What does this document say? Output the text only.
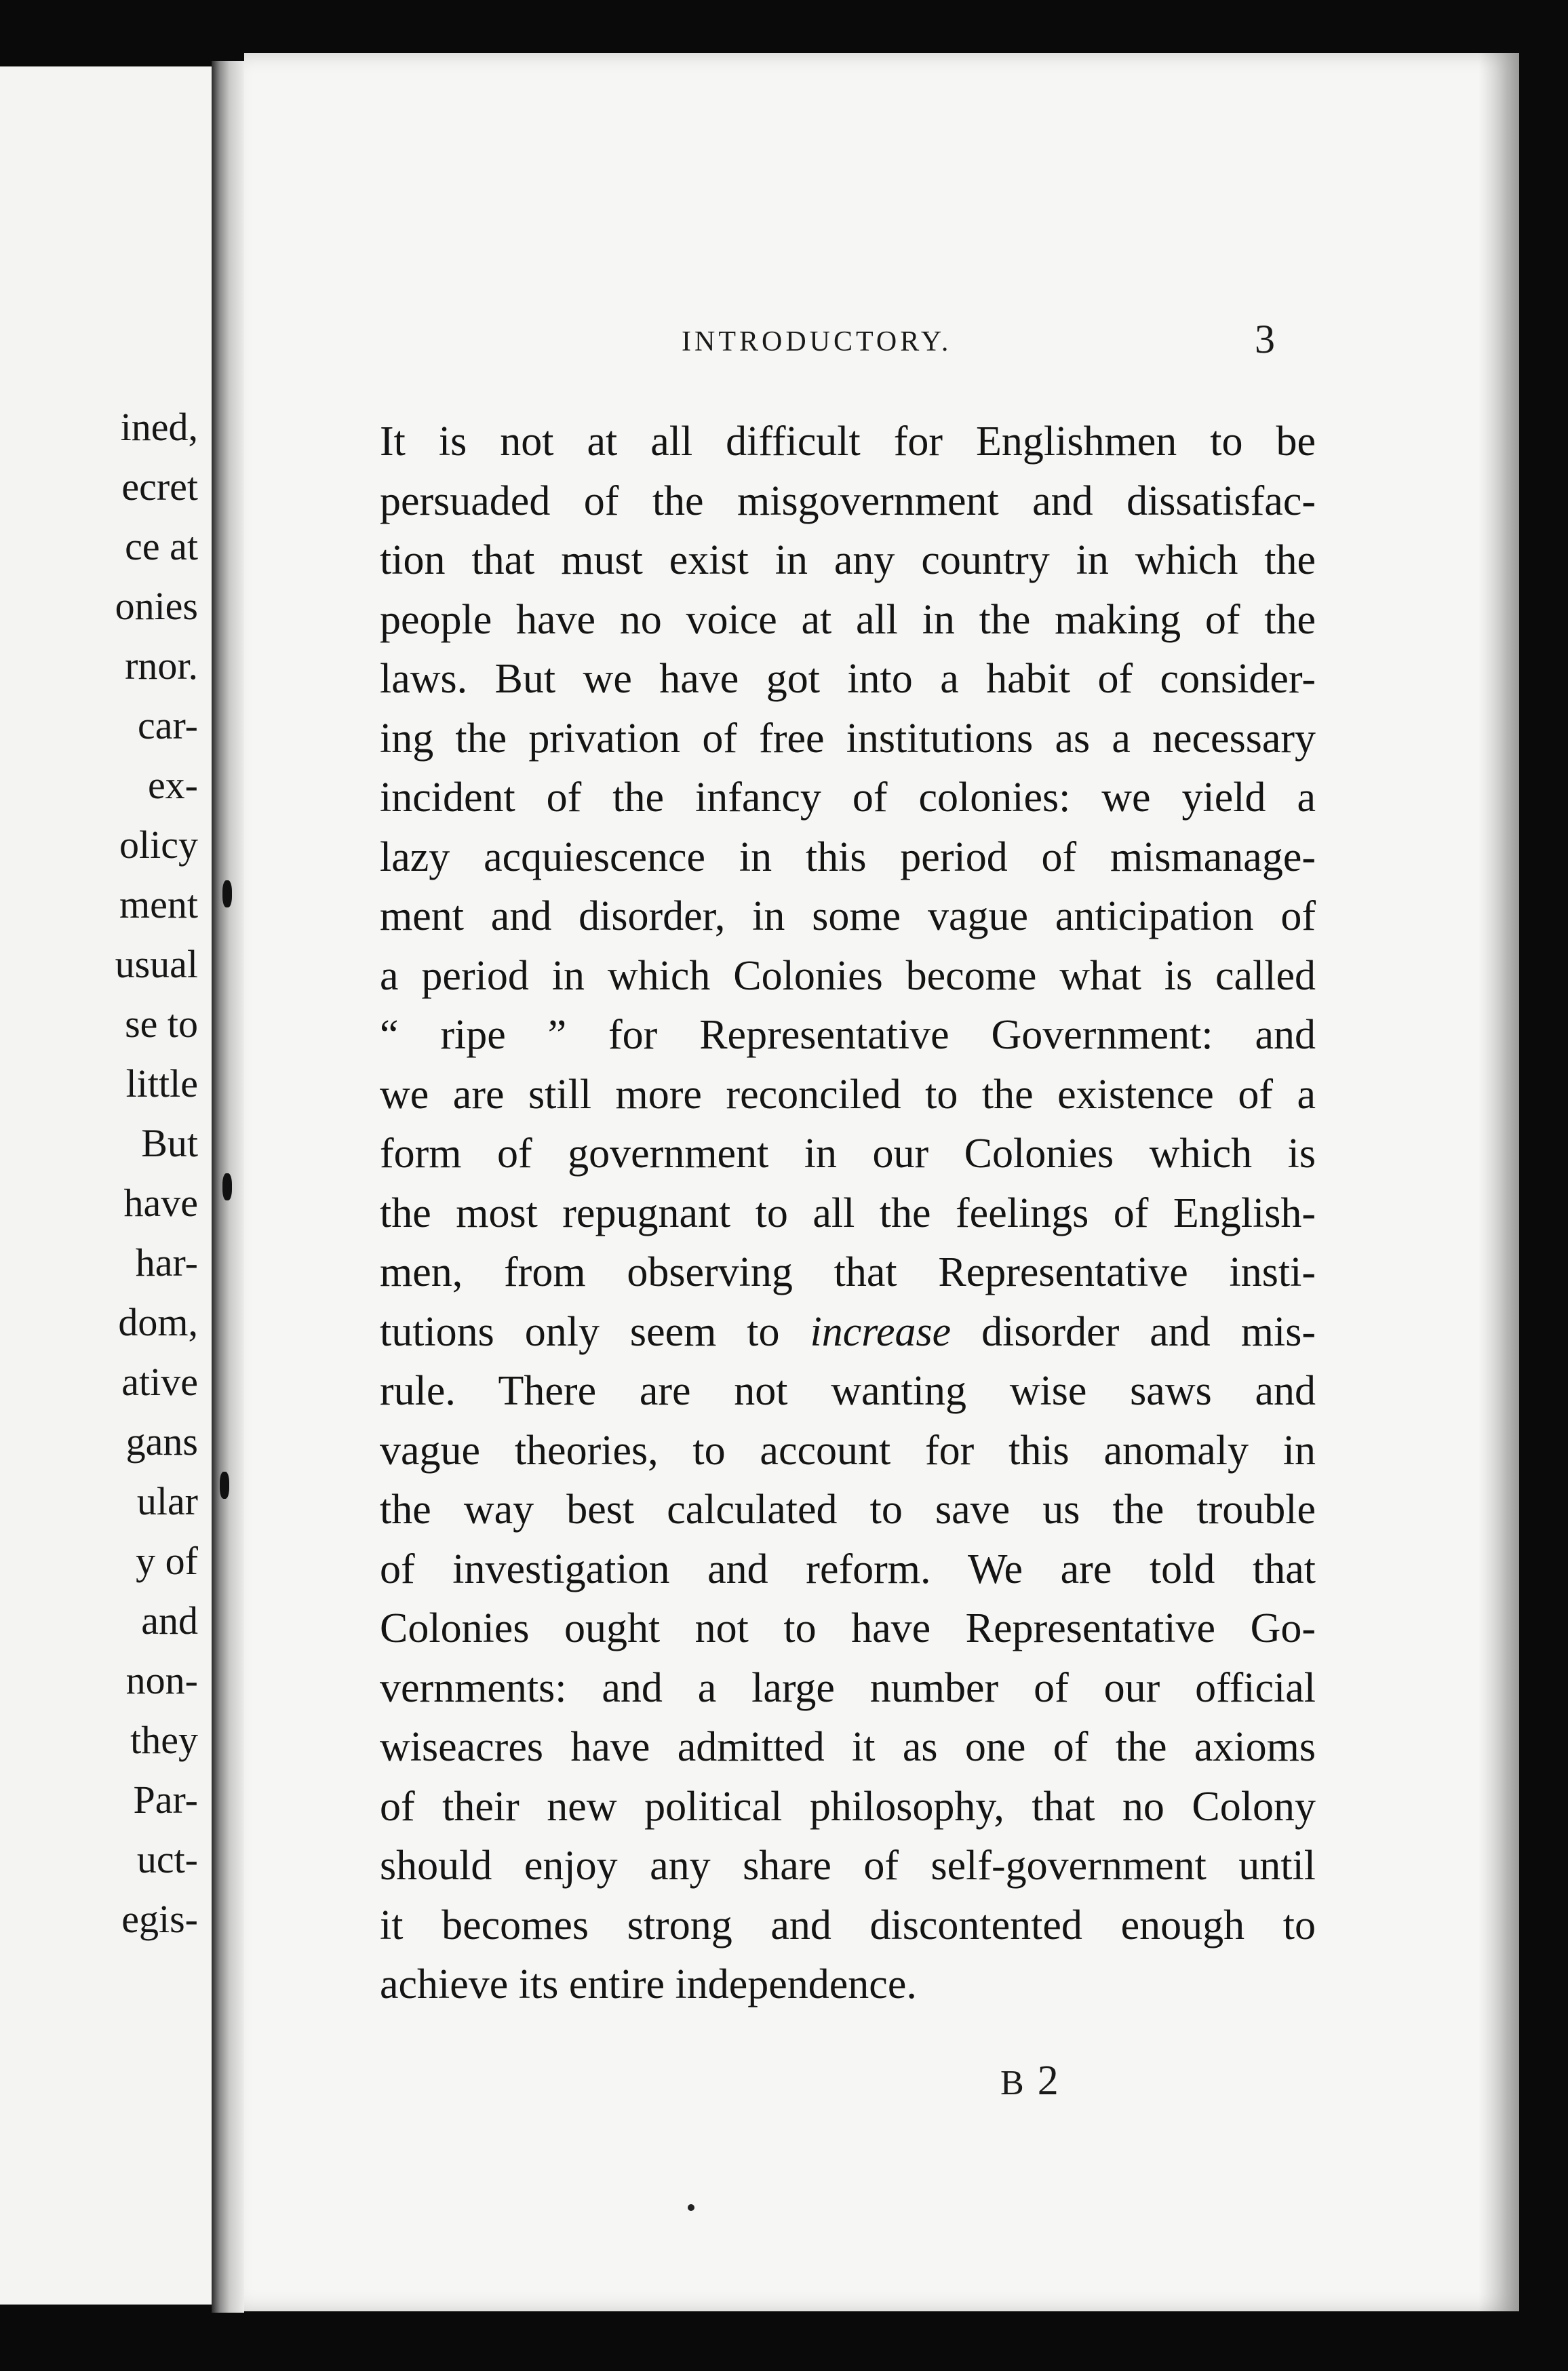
ined,
ecret
ce at
onies
rnor.
car-
ex-
olicy
ment
usual
se to
little
But
have
har-
dom,
ative
gans
ular
y of
and
non-
they
Par-
uct-
egis-
INTRODUCTORY.	3
It is not at all difficult for Englishmen to be
persuaded of the misgovernment and dissatisfac-
tion that must exist in any country in which the
people have no voice at all in the making of the
laws. But we have got into a habit of consider-
ing the privation of free institutions as a necessary
incident of the infancy of colonies: we yield a
lazy acquiescence in this period of mismanage-
ment and disorder, in some vague anticipation of
a period in which Colonies become what is called
“ ripe ” for Representative Government: and
we are still more reconciled to the existence of a
form of government in our Colonies which is
the most repugnant to all the feelings of English-
men, from observing that Representative insti-
tutions only seem to increase disorder and mis-
rule. There are not wanting wise saws and
vague theories, to account for this anomaly in
the way best calculated to save us the trouble
of investigation and reform. We are told that
Colonies ought not to have Representative Go-
vernments: and a large number of our official
wiseacres have admitted it as one of the axioms
of their new political philosophy, that no Colony
should enjoy any share of self-government until
it becomes strong and discontented enough to
achieve its entire independence.
B 2
